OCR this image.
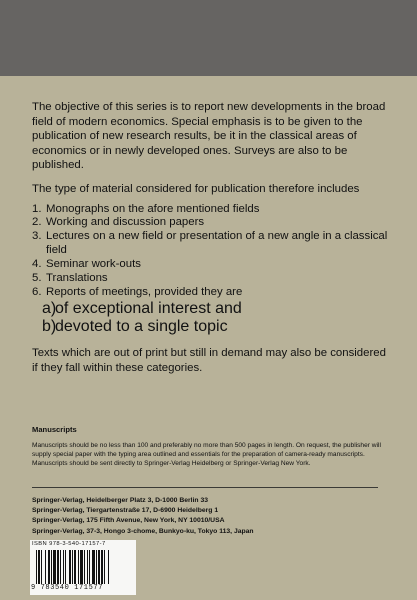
The objective of this series is to report new developments in the broad field of modern economics. Special emphasis is to be given to the publication of new research results, be it in the classical areas of economics or in newly developed ones. Surveys are also to be published.

The type of material considered for publication therefore includes

1. Monographs on the afore mentioned fields
2. Working and discussion papers
3. Lectures on a new field or presentation of a new angle in a classical field
4. Seminar work-outs
5. Translations
6. Reports of meetings, provided they are
a)
of exceptional interest and
b)
devoted to a single topic

Texts which are out of print but still in demand may also be considered if they fall within these categories.

Manuscripts

Manuscripts should be no less than 100 and preferably no more than 500 pages in length. On request, the publisher will supply special paper with the typing area outlined and essentials for the preparation of camera-ready manuscripts. Manuscripts should be sent directly to Springer-Verlag Heidelberg or Springer-Verlag New York.

Springer-Verlag, Heidelberger Platz 3, D-1000 Berlin 33
Springer-Verlag, Tiergartenstraße 17, D-6900 Heidelberg 1
Springer-Verlag, 175 Fifth Avenue, New York, NY 10010/USA
Springer-Verlag, 37-3, Hongo 3-chome, Bunkyo-ku, Tokyo 113, Japan
ISBN 978-3-540-17157-7
9 783540 171577
